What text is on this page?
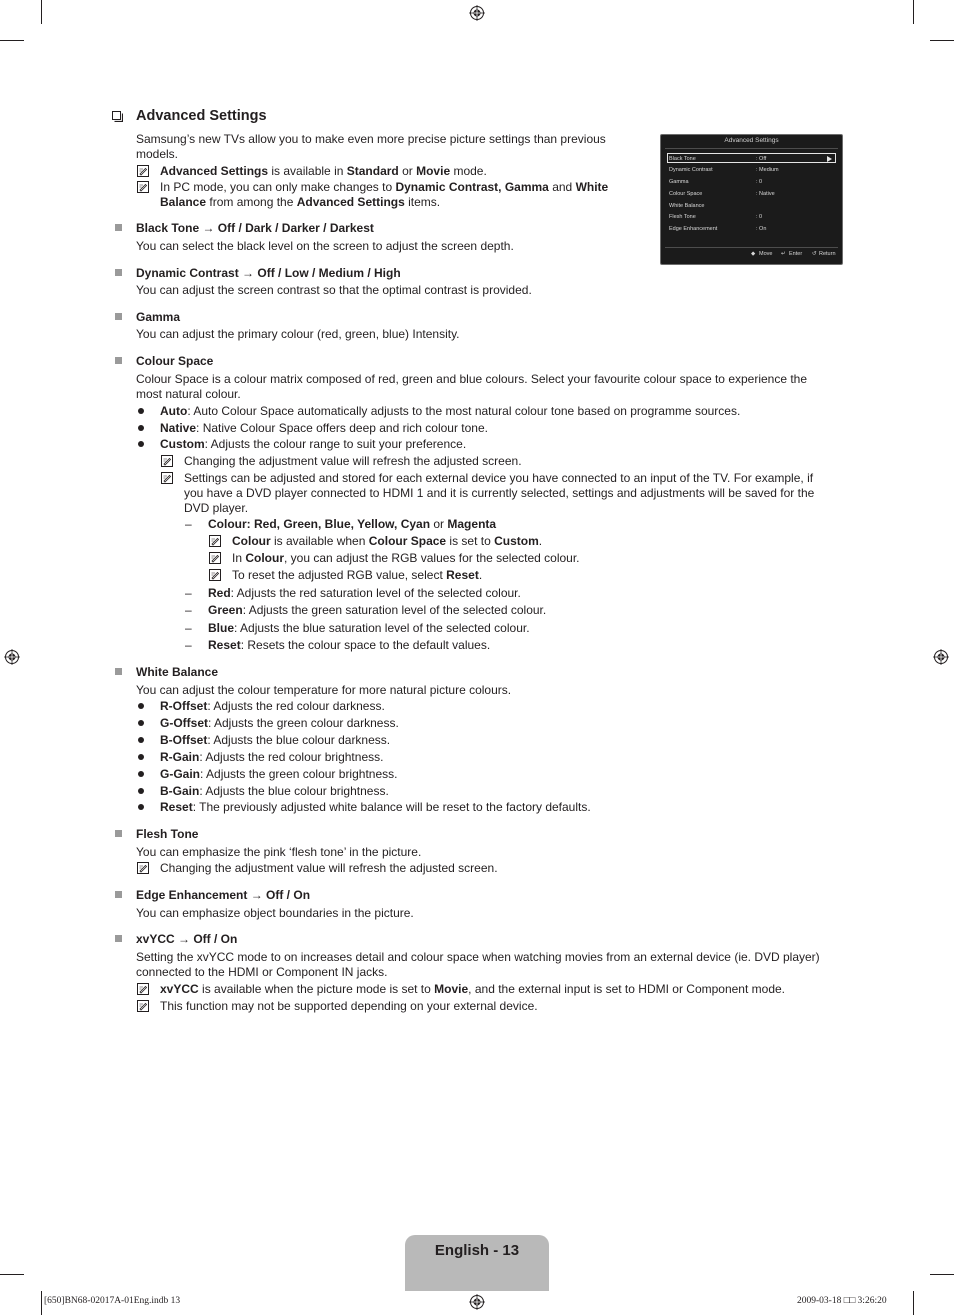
Advanced Settings
Samsung’s new TVs allow you to make even more precise picture settings than previous models.
Advanced Settings is available in Standard or Movie mode.
In PC mode, you can only make changes to Dynamic Contrast, Gamma and White Balance from among the Advanced Settings items.
Advanced Settings
Black Tone	: Off
Dynamic Contrast	: Medium
Gamma	: 0
Colour Space	: Native
White Balance
Flesh Tone	: 0
Edge Enhancement	: On
◆ Move ↵ Enter ↺ Return
Black Tone → Off / Dark / Darker / Darkest
You can select the black level on the screen to adjust the screen depth.
Dynamic Contrast → Off / Low / Medium / High
You can adjust the screen contrast so that the optimal contrast is provided.
Gamma
You can adjust the primary colour (red, green, blue) Intensity.
Colour Space
Colour Space is a colour matrix composed of red, green and blue colours. Select your favourite colour space to experience the most natural colour.
Auto: Auto Colour Space automatically adjusts to the most natural colour tone based on programme sources.
Native: Native Colour Space offers deep and rich colour tone.
Custom: Adjusts the colour range to suit your preference.
Changing the adjustment value will refresh the adjusted screen.
Settings can be adjusted and stored for each external device you have connected to an input of the TV. For example, if you have a DVD player connected to HDMI 1 and it is currently selected, settings and adjustments will be saved for the DVD player.
– Colour: Red, Green, Blue, Yellow, Cyan or Magenta
Colour is available when Colour Space is set to Custom.
In Colour, you can adjust the RGB values for the selected colour.
To reset the adjusted RGB value, select Reset.
– Red: Adjusts the red saturation level of the selected colour.
– Green: Adjusts the green saturation level of the selected colour.
– Blue: Adjusts the blue saturation level of the selected colour.
– Reset: Resets the colour space to the default values.
White Balance
You can adjust the colour temperature for more natural picture colours.
R-Offset: Adjusts the red colour darkness.
G-Offset: Adjusts the green colour darkness.
B-Offset: Adjusts the blue colour darkness.
R-Gain: Adjusts the red colour brightness.
G-Gain: Adjusts the green colour brightness.
B-Gain: Adjusts the blue colour brightness.
Reset: The previously adjusted white balance will be reset to the factory defaults.
Flesh Tone
You can emphasize the pink ‘flesh tone’ in the picture.
Changing the adjustment value will refresh the adjusted screen.
Edge Enhancement → Off / On
You can emphasize object boundaries in the picture.
xvYCC → Off / On
Setting the xvYCC mode to on increases detail and colour space when watching movies from an external device (ie. DVD player) connected to the HDMI or Component IN jacks.
xvYCC is available when the picture mode is set to Movie, and the external input is set to HDMI or Component mode.
This function may not be supported depending on your external device.
English - 13
[650]BN68-02017A-01Eng.indb 13	2009-03-18 □□ 3:26:20
